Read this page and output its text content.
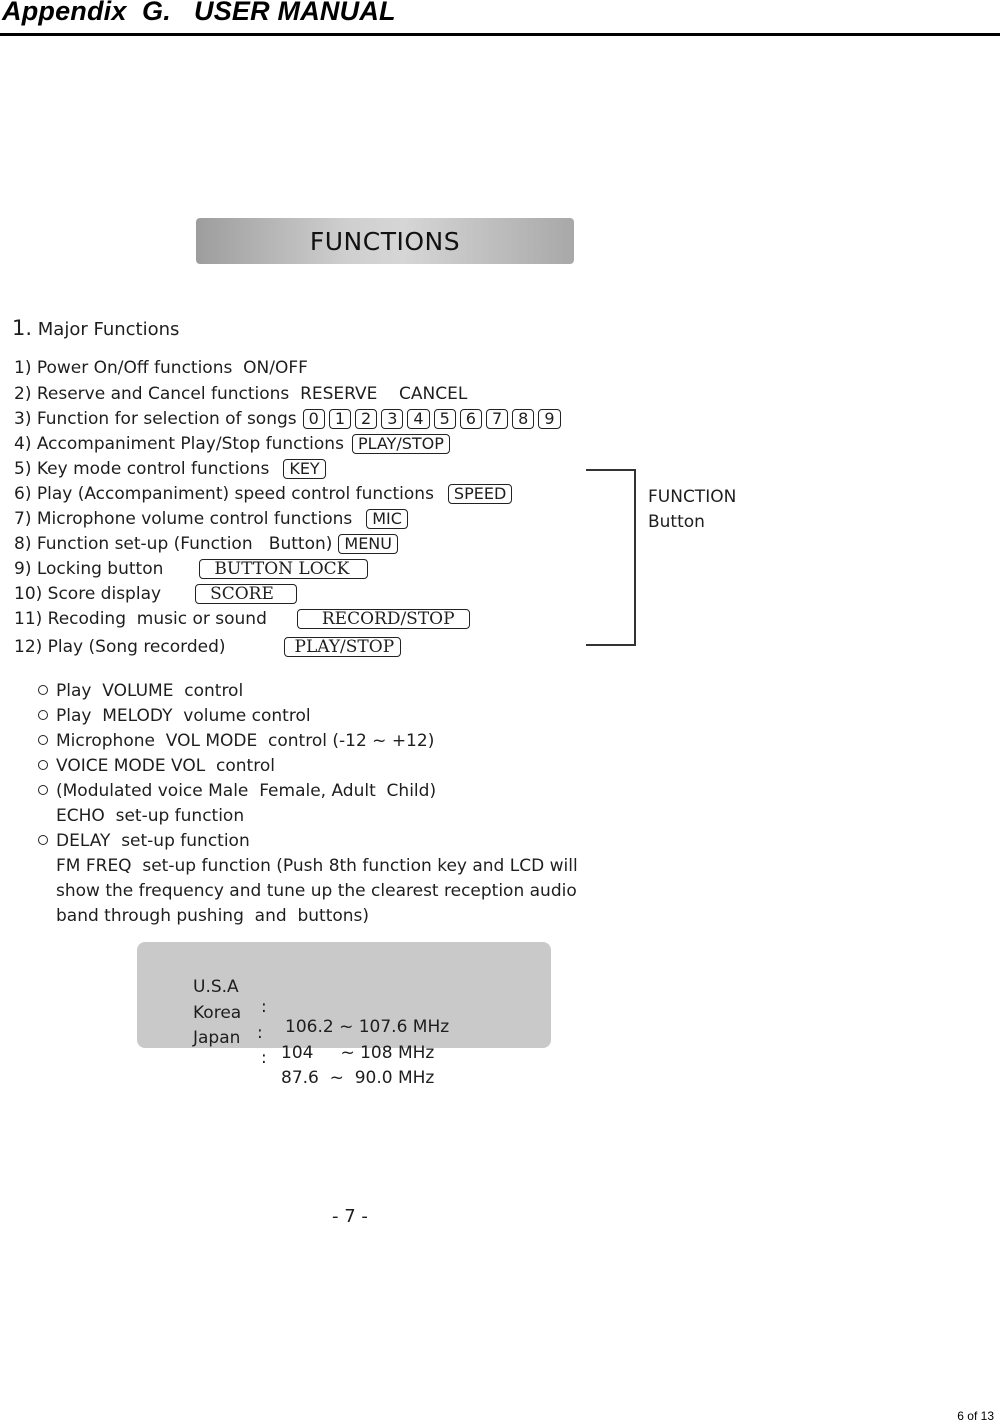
Appendix  G.   USER MANUAL
FUNCTIONS
1. Major Functions
1) Power On/Off functions  ON/OFF
2) Reserve and Cancel functions  RESERVE    CANCEL
3) Function for selection of songs 0	1	2	3	4	5	6	7	8	9
4) Accompaniment Play/Stop functions PLAY/STOP
5) Key mode control functions	KEY
6) Play (Accompaniment) speed control functions	SPEED
7) Microphone volume control functions	MIC
8) Function set-up (Function   Button) MENU
9) Locking button	BUTTON LOCK
10) Score display	SCORE
11) Recoding  music or sound	RECORD/STOP
12) Play (Song recorded)	PLAY/STOP
FUNCTION
Button
Play  VOLUME  control
Play  MELODY  volume control
Microphone  VOL MODE  control (-12 ~ +12)
VOICE MODE VOL  control
(Modulated voice Male  Female, Adult  Child)
ECHO  set-up function
DELAY  set-up function
FM FREQ  set-up function (Push 8th function key and LCD will
show the frequency and tune up the clearest reception audio
band through pushing  and  buttons)

U.S.A

:

106.2 ~ 107.6 MHz

Korea

:

104     ~ 108 MHz

Japan

:

87.6  ~  90.0 MHz

- 7 -
6 of 13
